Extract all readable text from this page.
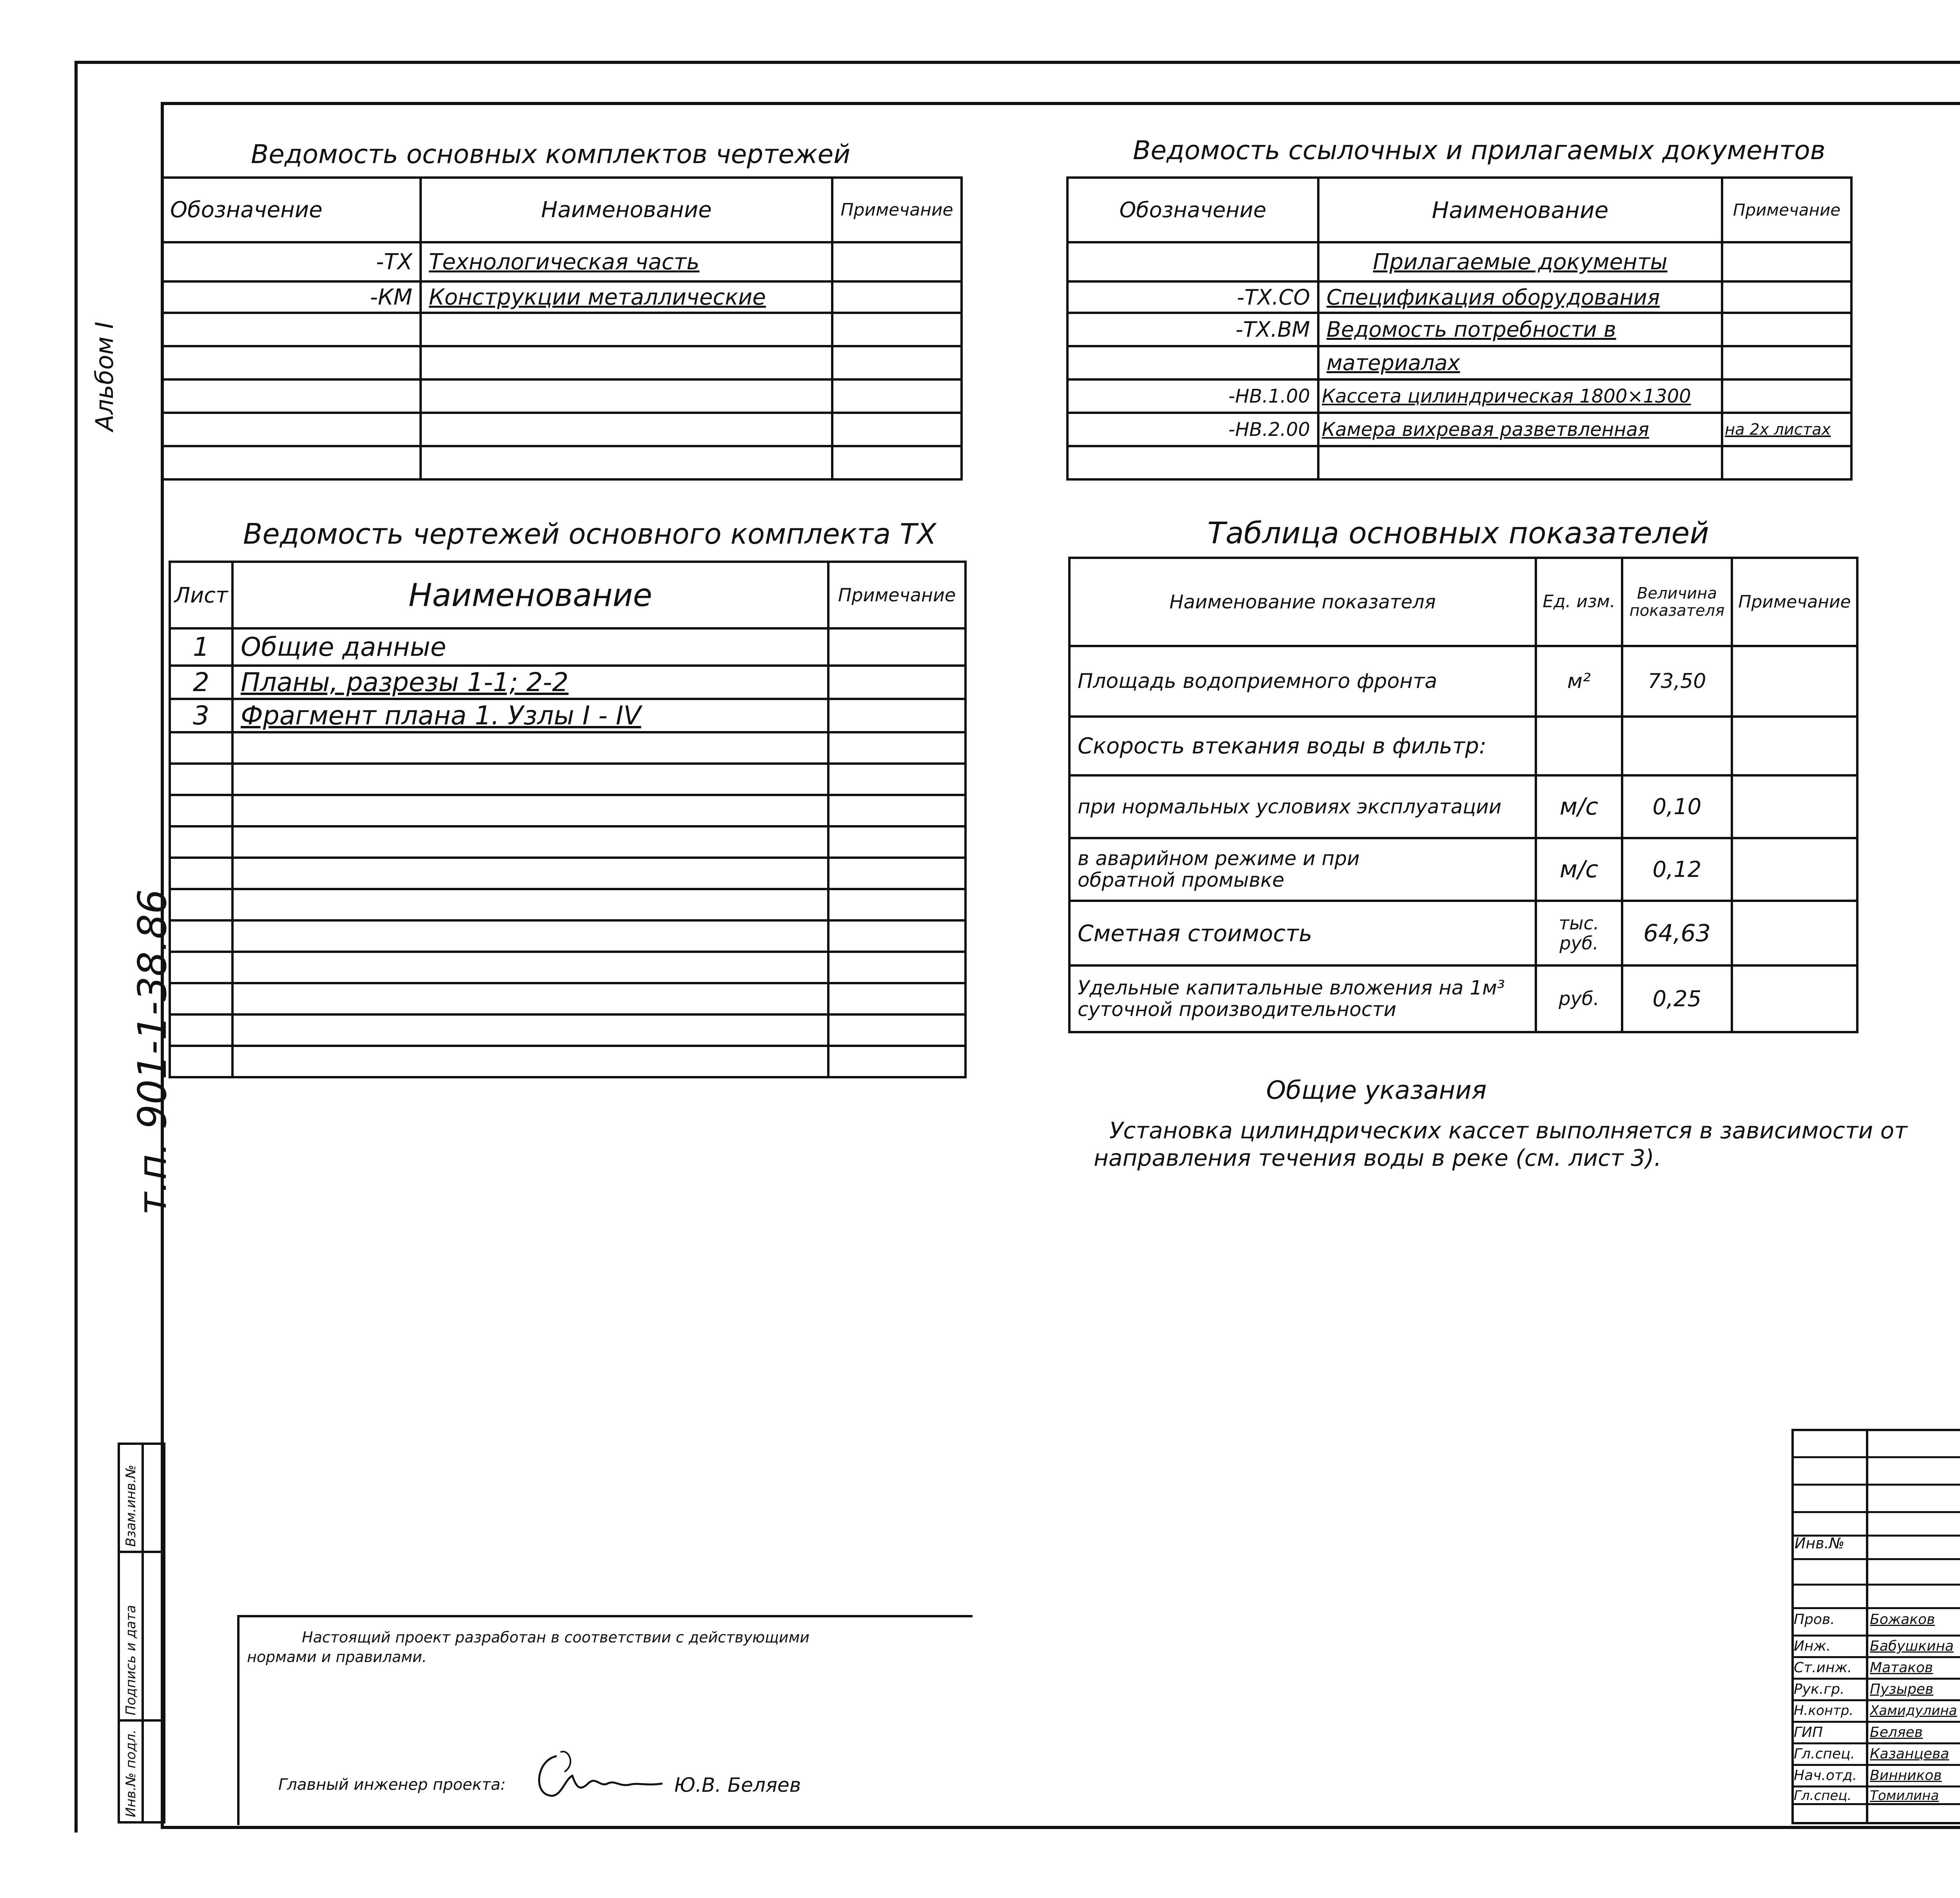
Альбом I
т.п. 901-1-38.86
Инв.№ подл.
Подпись и дата
Взам.инв.№
Ведомость основных комплектов чертежей
Обозначение	Наименование	Примечание
-ТХ	Технологическая часть	
-КМ	Конструкции металлические	

Ведомость чертежей основного комплекта ТХ
Лист	Наименование	Примечание
1	Общие данные	
2	Планы, разрезы 1-1; 2-2	
3	Фрагмент плана 1. Узлы I - IV	

Ведомость ссылочных и прилагаемых документов
Обозначение	Наименование	Примечание
	Прилагаемые документы	
-ТХ.СО	Спецификация оборудования	
-ТХ.ВМ	Ведомость потребности в	
	материалах	
-НВ.1.00	Кассета цилиндрическая 1800×1300	
-НВ.2.00	Камера вихревая разветвленная	на 2х листах

Таблица основных показателей
Наименование показателя	Ед. изм.	Величина показателя	Примечание
Площадь водоприемного фронта	м²	73,50	
Скорость втекания воды в фильтр:			
при нормальных условиях эксплуатации	м/с	0,10	
в аварийном режиме и при обратной промывке	м/с	0,12	
Сметная стоимость	тыс. руб.	64,63	
Удельные капитальные вложения на 1м³ суточной производительности	руб.	0,25	
Общие указания
Установка цилиндрических кассет выполняется в зависимости от
направления течения воды в реке (см. лист 3).
Настоящий проект разработан в соответствии с действующими
нормами и правилами.
Главный инженер проекта:	Ю.В. Беляев
Инв.№
Пров. Божаков
Инж.	Бабушкина
Ст.инж. Матаков
Рук.гр. Пузырев
Н.контр. Хамидулина
ГИП	Беляев
Гл.спец. Казанцева
Нач.отд. Винников
Гл.спец. Томилина
